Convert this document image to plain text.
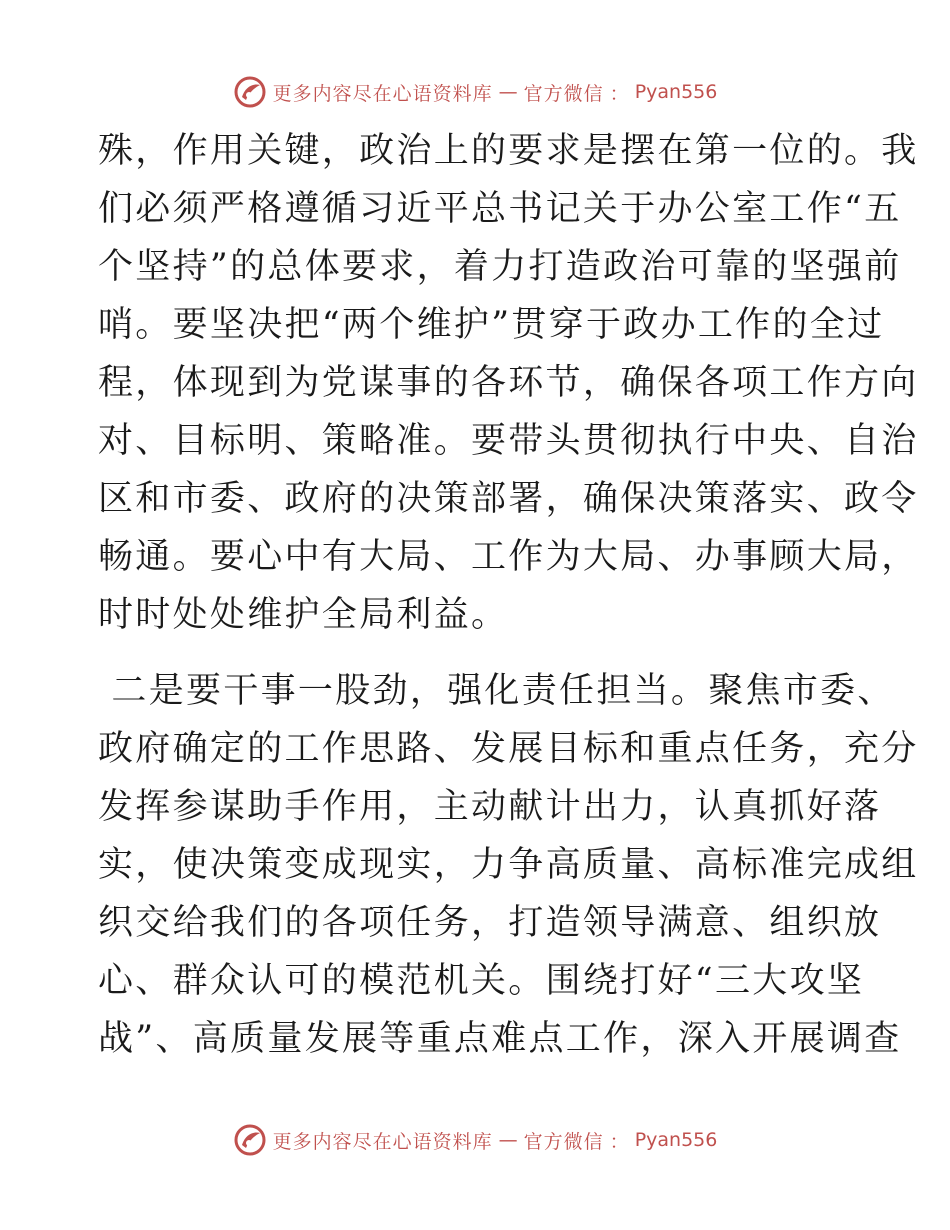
更多内容尽在心语资料库 — 官方微信 ： Pyan556
殊，作用关键，政治上的要求是摆在第一位的。我
们必须严格遵循习近平总书记关于办公室工作“五
个坚持”的总体要求，着力打造政治可靠的坚强前
哨。要坚决把“两个维护”贯穿于政办工作的全过
程，体现到为党谋事的各环节，确保各项工作方向
对、目标明、策略准。要带头贯彻执行中央、自治
区和市委、政府的决策部署，确保决策落实、政令
畅通。要心中有大局、工作为大局、办事顾大局，
时时处处维护全局利益。
二是要干事一股劲，强化责任担当。聚焦市委、
政府确定的工作思路、发展目标和重点任务，充分
发挥参谋助手作用，主动献计出力，认真抓好落
实，使决策变成现实，力争高质量、高标准完成组
织交给我们的各项任务，打造领导满意、组织放
心、群众认可的模范机关。围绕打好“三大攻坚
战”、高质量发展等重点难点工作，深入开展调查
更多内容尽在心语资料库 — 官方微信 ： Pyan556
